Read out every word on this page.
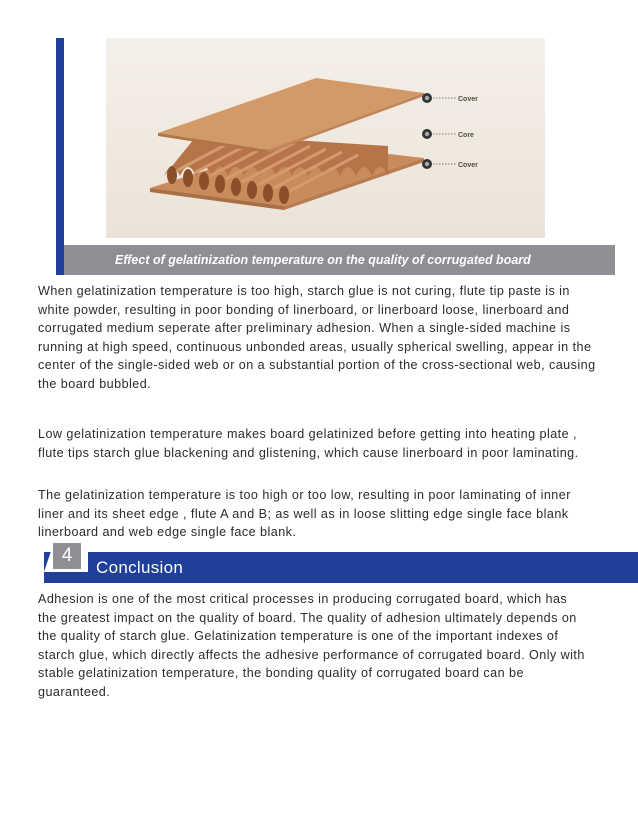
Cover
Core
Cover
Effect of gelatinization temperature on the quality of corrugated board
When gelatinization temperature is too high, starch glue is not curing, flute tip paste is in
white powder, resulting in poor bonding of linerboard, or linerboard loose, linerboard and
corrugated medium seperate after preliminary adhesion. When a single-sided machine is
running at high speed, continuous unbonded areas, usually spherical swelling, appear in the
center of the single-sided web or on a substantial portion of the cross-sectional web, causing
the board bubbled.
Low gelatinization temperature makes board gelatinized before getting into heating plate ,
flute tips starch glue blackening and glistening, which cause linerboard in poor laminating.
The gelatinization temperature is too high or too low, resulting in poor laminating of inner
liner and its sheet edge , flute A and B; as well as in loose slitting edge single face blank
linerboard and web edge single face blank.
4
Conclusion
Adhesion is one of the most critical processes in producing corrugated board, which has
the greatest impact on the quality of board. The quality of adhesion ultimately depends on
the quality of starch glue. Gelatinization temperature is one of the important indexes of
starch glue, which directly affects the adhesive performance of corrugated board. Only with
stable gelatinization temperature, the bonding quality of corrugated board can be
guaranteed.
